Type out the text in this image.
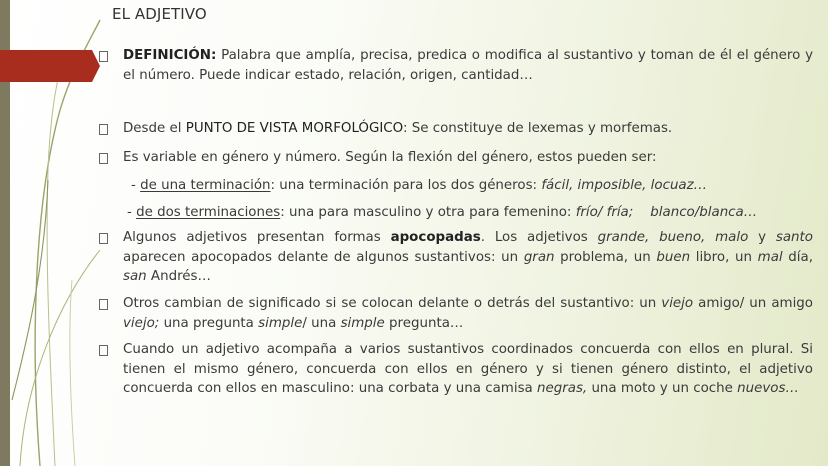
EL ADJETIVO
DEFINICIÓN: Palabra que amplía, precisa, predica o modifica al sustantivo y toman de él el género y el número. Puede indicar estado, relación, origen, cantidad…
Desde el PUNTO DE VISTA MORFOLÓGICO: Se constituye de lexemas y morfemas.
Es variable en género y número. Según la flexión del género, estos pueden ser:
- de una terminación: una terminación para los dos géneros: fácil, imposible, locuaz…
- de dos terminaciones: una para masculino y otra para femenino: frío/ fría;    blanco/blanca…
Algunos adjetivos presentan formas apocopadas. Los adjetivos grande, bueno, malo y santo aparecen apocopados delante de algunos sustantivos: un gran problema, un buen libro, un mal día, san Andrés…
Otros cambian de significado si se colocan delante o detrás del sustantivo: un viejo amigo/ un amigo viejo; una pregunta simple/ una simple pregunta…
Cuando un adjetivo acompaña a varios sustantivos coordinados concuerda con ellos en plural. Si tienen el mismo género, concuerda con ellos en género y si tienen género distinto, el adjetivo concuerda con ellos en masculino: una corbata y una camisa negras, una moto y un coche nuevos…
